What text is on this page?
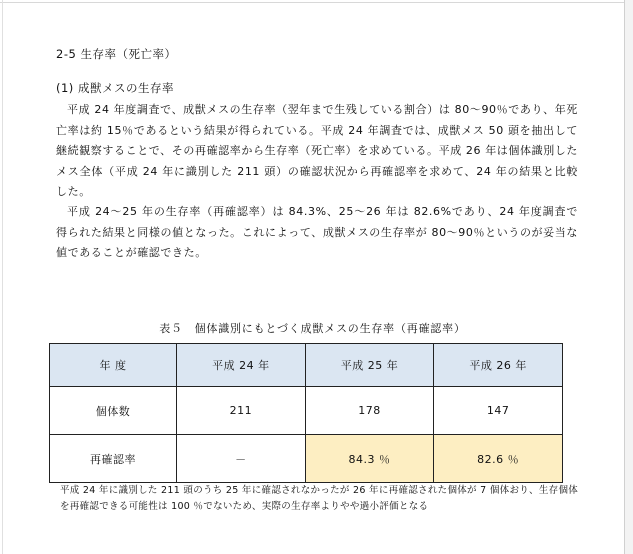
2-5 生存率（死亡率）
(1) 成獣メスの生存率

平成 24 年度調査で、成獣メスの生存率（翌年まで生残している割合）は 80～90％であり、年死亡率は約 15％であるという結果が得られている。平成 24 年調査では、成獣メス 50 頭を抽出して継続観察することで、その再確認率から生存率（死亡率）を求めている。平成 26 年は個体識別したメス全体（平成 24 年に識別した 211 頭）の確認状況から再確認率を求めて、24 年の結果と比較した。

平成 24～25 年の生存率（再確認率）は 84.3%、25～26 年は 82.6%であり、24 年度調査で得られた結果と同様の値となった。これによって、成獣メスの生存率が 80～90％というのが妥当な値であることが確認できた。

表５　個体識別にもとづく成獣メスの生存率（再確認率）
年 度	平成 24 年	平成 25 年	平成 26 年
個体数	211	178	147
再確認率	－	84.3 ％	82.6 ％
平成 24 年に識別した 211 頭のうち 25 年に確認されなかったが 26 年に再確認された個体が 7 個体おり、生存個体を再確認できる可能性は 100 ％でないため、実際の生存率よりやや過小評価となる
